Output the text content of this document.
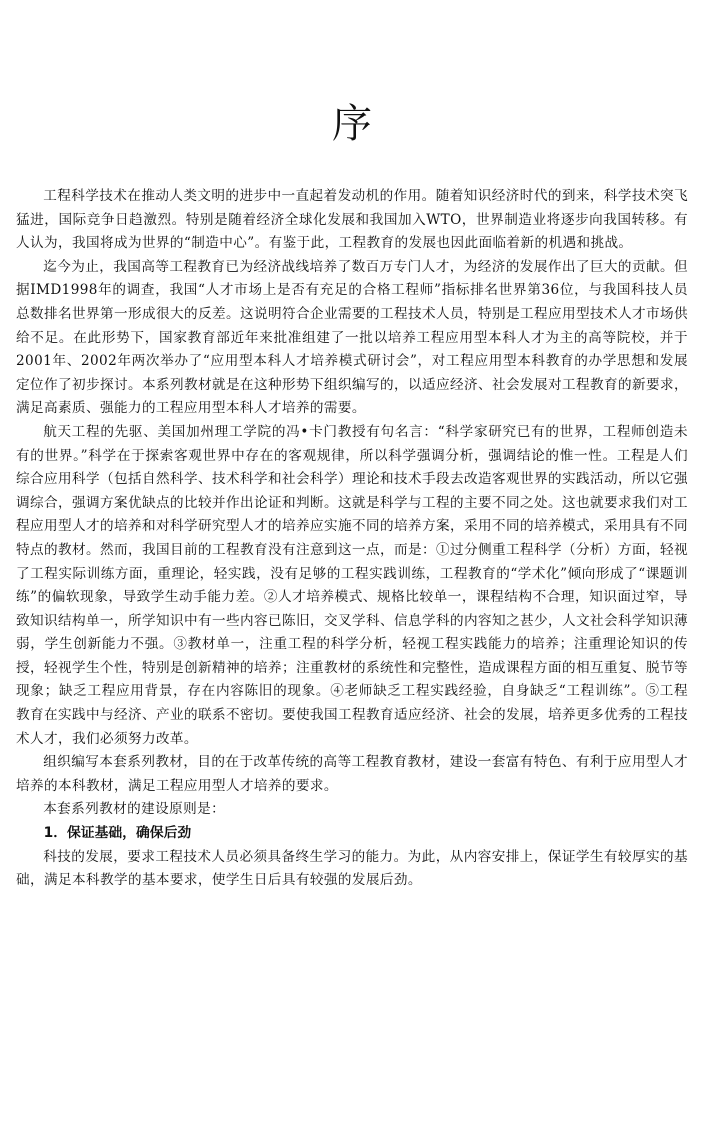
序

工程科学技术在推动人类文明的进步中一直起着发动机的作用。随着知识经济时代的到来，科学技术突飞猛进，国际竞争日趋激烈。特别是随着经济全球化发展和我国加入WTO，世界制造业将逐步向我国转移。有人认为，我国将成为世界的“制造中心”。有鉴于此，工程教育的发展也因此面临着新的机遇和挑战。

迄今为止，我国高等工程教育已为经济战线培养了数百万专门人才，为经济的发展作出了巨大的贡献。但据IMD1998年的调查，我国“人才市场上是否有充足的合格工程师”指标排名世界第36位，与我国科技人员总数排名世界第一形成很大的反差。这说明符合企业需要的工程技术人员，特别是工程应用型技术人才市场供给不足。在此形势下，国家教育部近年来批准组建了一批以培养工程应用型本科人才为主的高等院校，并于2001年、2002年两次举办了“应用型本科人才培养模式研讨会”，对工程应用型本科教育的办学思想和发展定位作了初步探讨。本系列教材就是在这种形势下组织编写的，以适应经济、社会发展对工程教育的新要求，满足高素质、强能力的工程应用型本科人才培养的需要。

航天工程的先驱、美国加州理工学院的冯•卡门教授有句名言：“科学家研究已有的世界，工程师创造未有的世界。”科学在于探索客观世界中存在的客观规律，所以科学强调分析，强调结论的惟一性。工程是人们综合应用科学（包括自然科学、技术科学和社会科学）理论和技术手段去改造客观世界的实践活动，所以它强调综合，强调方案优缺点的比较并作出论证和判断。这就是科学与工程的主要不同之处。这也就要求我们对工程应用型人才的培养和对科学研究型人才的培养应实施不同的培养方案，采用不同的培养模式，采用具有不同特点的教材。然而，我国目前的工程教育没有注意到这一点，而是：①过分侧重工程科学（分析）方面，轻视了工程实际训练方面，重理论，轻实践，没有足够的工程实践训练，工程教育的“学术化”倾向形成了“课题训练”的偏软现象，导致学生动手能力差。②人才培养模式、规格比较单一，课程结构不合理，知识面过窄，导致知识结构单一，所学知识中有一些内容已陈旧，交叉学科、信息学科的内容知之甚少，人文社会科学知识薄弱，学生创新能力不强。③教材单一，注重工程的科学分析，轻视工程实践能力的培养；注重理论知识的传授，轻视学生个性，特别是创新精神的培养；注重教材的系统性和完整性，造成课程方面的相互重复、脱节等现象；缺乏工程应用背景，存在内容陈旧的现象。④老师缺乏工程实践经验，自身缺乏“工程训练”。⑤工程教育在实践中与经济、产业的联系不密切。要使我国工程教育适应经济、社会的发展，培养更多优秀的工程技术人才，我们必须努力改革。

组织编写本套系列教材，目的在于改革传统的高等工程教育教材，建设一套富有特色、有利于应用型人才培养的本科教材，满足工程应用型人才培养的要求。

本套系列教材的建设原则是：

1．保证基础，确保后劲

科技的发展，要求工程技术人员必须具备终生学习的能力。为此，从内容安排上，保证学生有较厚实的基础，满足本科教学的基本要求，使学生日后具有较强的发展后劲。
